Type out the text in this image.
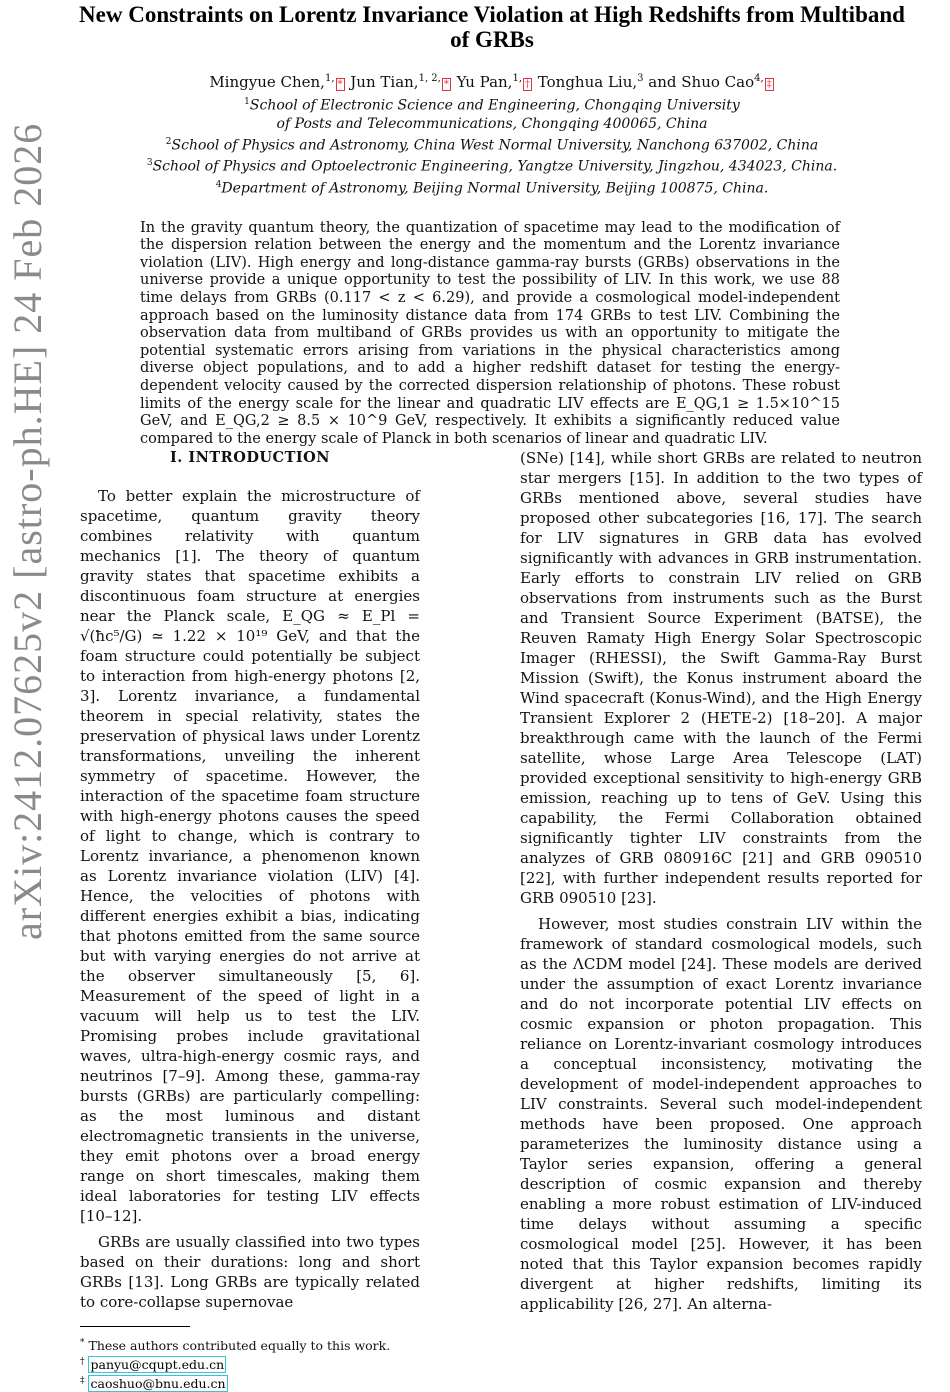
arXiv:2412.07625v2 [astro-ph.HE] 24 Feb 2026
New Constraints on Lorentz Invariance Violation at High Redshifts from Multiband of GRBs
Mingyue Chen,$^{1,}$* Jun Tian,$^{1, 2,}$* Yu Pan,$^{1,}$† Tonghua Liu,$^3$ and Shuo Cao$^{4,}$‡
$^1$School of Electronic Science and Engineering, Chongqing University
of Posts and Telecommunications, Chongqing 400065, China
$^2$School of Physics and Astronomy, China West Normal University, Nanchong 637002, China
$^3$School of Physics and Optoelectronic Engineering, Yangtze University, Jingzhou, 434023, China.
$^4$Department of Astronomy, Beijing Normal University, Beijing 100875, China.
In the gravity quantum theory, the quantization of spacetime may lead to the modification of the dispersion relation between the energy and the momentum and the Lorentz invariance violation (LIV). High energy and long-distance gamma-ray bursts (GRBs) observations in the universe provide a unique opportunity to test the possibility of LIV. In this work, we use 88 time delays from GRBs (0.117 < z < 6.29), and provide a cosmological model-independent approach based on the luminosity distance data from 174 GRBs to test LIV. Combining the observation data from multiband of GRBs provides us with an opportunity to mitigate the potential systematic errors arising from variations in the physical characteristics among diverse object populations, and to add a higher redshift dataset for testing the energy-dependent velocity caused by the corrected dispersion relationship of photons. These robust limits of the energy scale for the linear and quadratic LIV effects are E_QG,1 ≥ 1.5×10^15 GeV, and E_QG,2 ≥ 8.5 × 10^9 GeV, respectively. It exhibits a significantly reduced value compared to the energy scale of Planck in both scenarios of linear and quadratic LIV.
I. INTRODUCTION

To better explain the microstructure of spacetime, quantum gravity theory combines relativity with quantum mechanics [1]. The theory of quantum gravity states that spacetime exhibits a discontinuous foam structure at energies near the Planck scale, E_QG ≈ E_Pl = √(ħc⁵/G) ≃ 1.22 × 10¹⁹ GeV, and that the foam structure could potentially be subject to interaction from high-energy photons [2, 3]. Lorentz invariance, a fundamental theorem in special relativity, states the preservation of physical laws under Lorentz transformations, unveiling the inherent symmetry of spacetime. However, the interaction of the spacetime foam structure with high-energy photons causes the speed of light to change, which is contrary to Lorentz invariance, a phenomenon known as Lorentz invariance violation (LIV) [4]. Hence, the velocities of photons with different energies exhibit a bias, indicating that photons emitted from the same source but with varying energies do not arrive at the observer simultaneously [5, 6]. Measurement of the speed of light in a vacuum will help us to test the LIV. Promising probes include gravitational waves, ultra-high-energy cosmic rays, and neutrinos [7–9]. Among these, gamma-ray bursts (GRBs) are particularly compelling: as the most luminous and distant electromagnetic transients in the universe, they emit photons over a broad energy range on short timescales, making them ideal laboratories for testing LIV effects [10–12].

GRBs are usually classified into two types based on their durations: long and short GRBs [13]. Long GRBs are typically related to core-collapse supernovae

* These authors contributed equally to this work.
† panyu@cqupt.edu.cn
‡ caoshuo@bnu.edu.cn

(SNe) [14], while short GRBs are related to neutron star mergers [15]. In addition to the two types of GRBs mentioned above, several studies have proposed other subcategories [16, 17]. The search for LIV signatures in GRB data has evolved significantly with advances in GRB instrumentation. Early efforts to constrain LIV relied on GRB observations from instruments such as the Burst and Transient Source Experiment (BATSE), the Reuven Ramaty High Energy Solar Spectroscopic Imager (RHESSI), the Swift Gamma-Ray Burst Mission (Swift), the Konus instrument aboard the Wind spacecraft (Konus-Wind), and the High Energy Transient Explorer 2 (HETE-2) [18–20]. A major breakthrough came with the launch of the Fermi satellite, whose Large Area Telescope (LAT) provided exceptional sensitivity to high-energy GRB emission, reaching up to tens of GeV. Using this capability, the Fermi Collaboration obtained significantly tighter LIV constraints from the analyzes of GRB 080916C [21] and GRB 090510 [22], with further independent results reported for GRB 090510 [23].

However, most studies constrain LIV within the framework of standard cosmological models, such as the ΛCDM model [24]. These models are derived under the assumption of exact Lorentz invariance and do not incorporate potential LIV effects on cosmic expansion or photon propagation. This reliance on Lorentz-invariant cosmology introduces a conceptual inconsistency, motivating the development of model-independent approaches to LIV constraints. Several such model-independent methods have been proposed. One approach parameterizes the luminosity distance using a Taylor series expansion, offering a general description of cosmic expansion and thereby enabling a more robust estimation of LIV-induced time delays without assuming a specific cosmological model [25]. However, it has been noted that this Taylor expansion becomes rapidly divergent at higher redshifts, limiting its applicability [26, 27]. An alterna-
